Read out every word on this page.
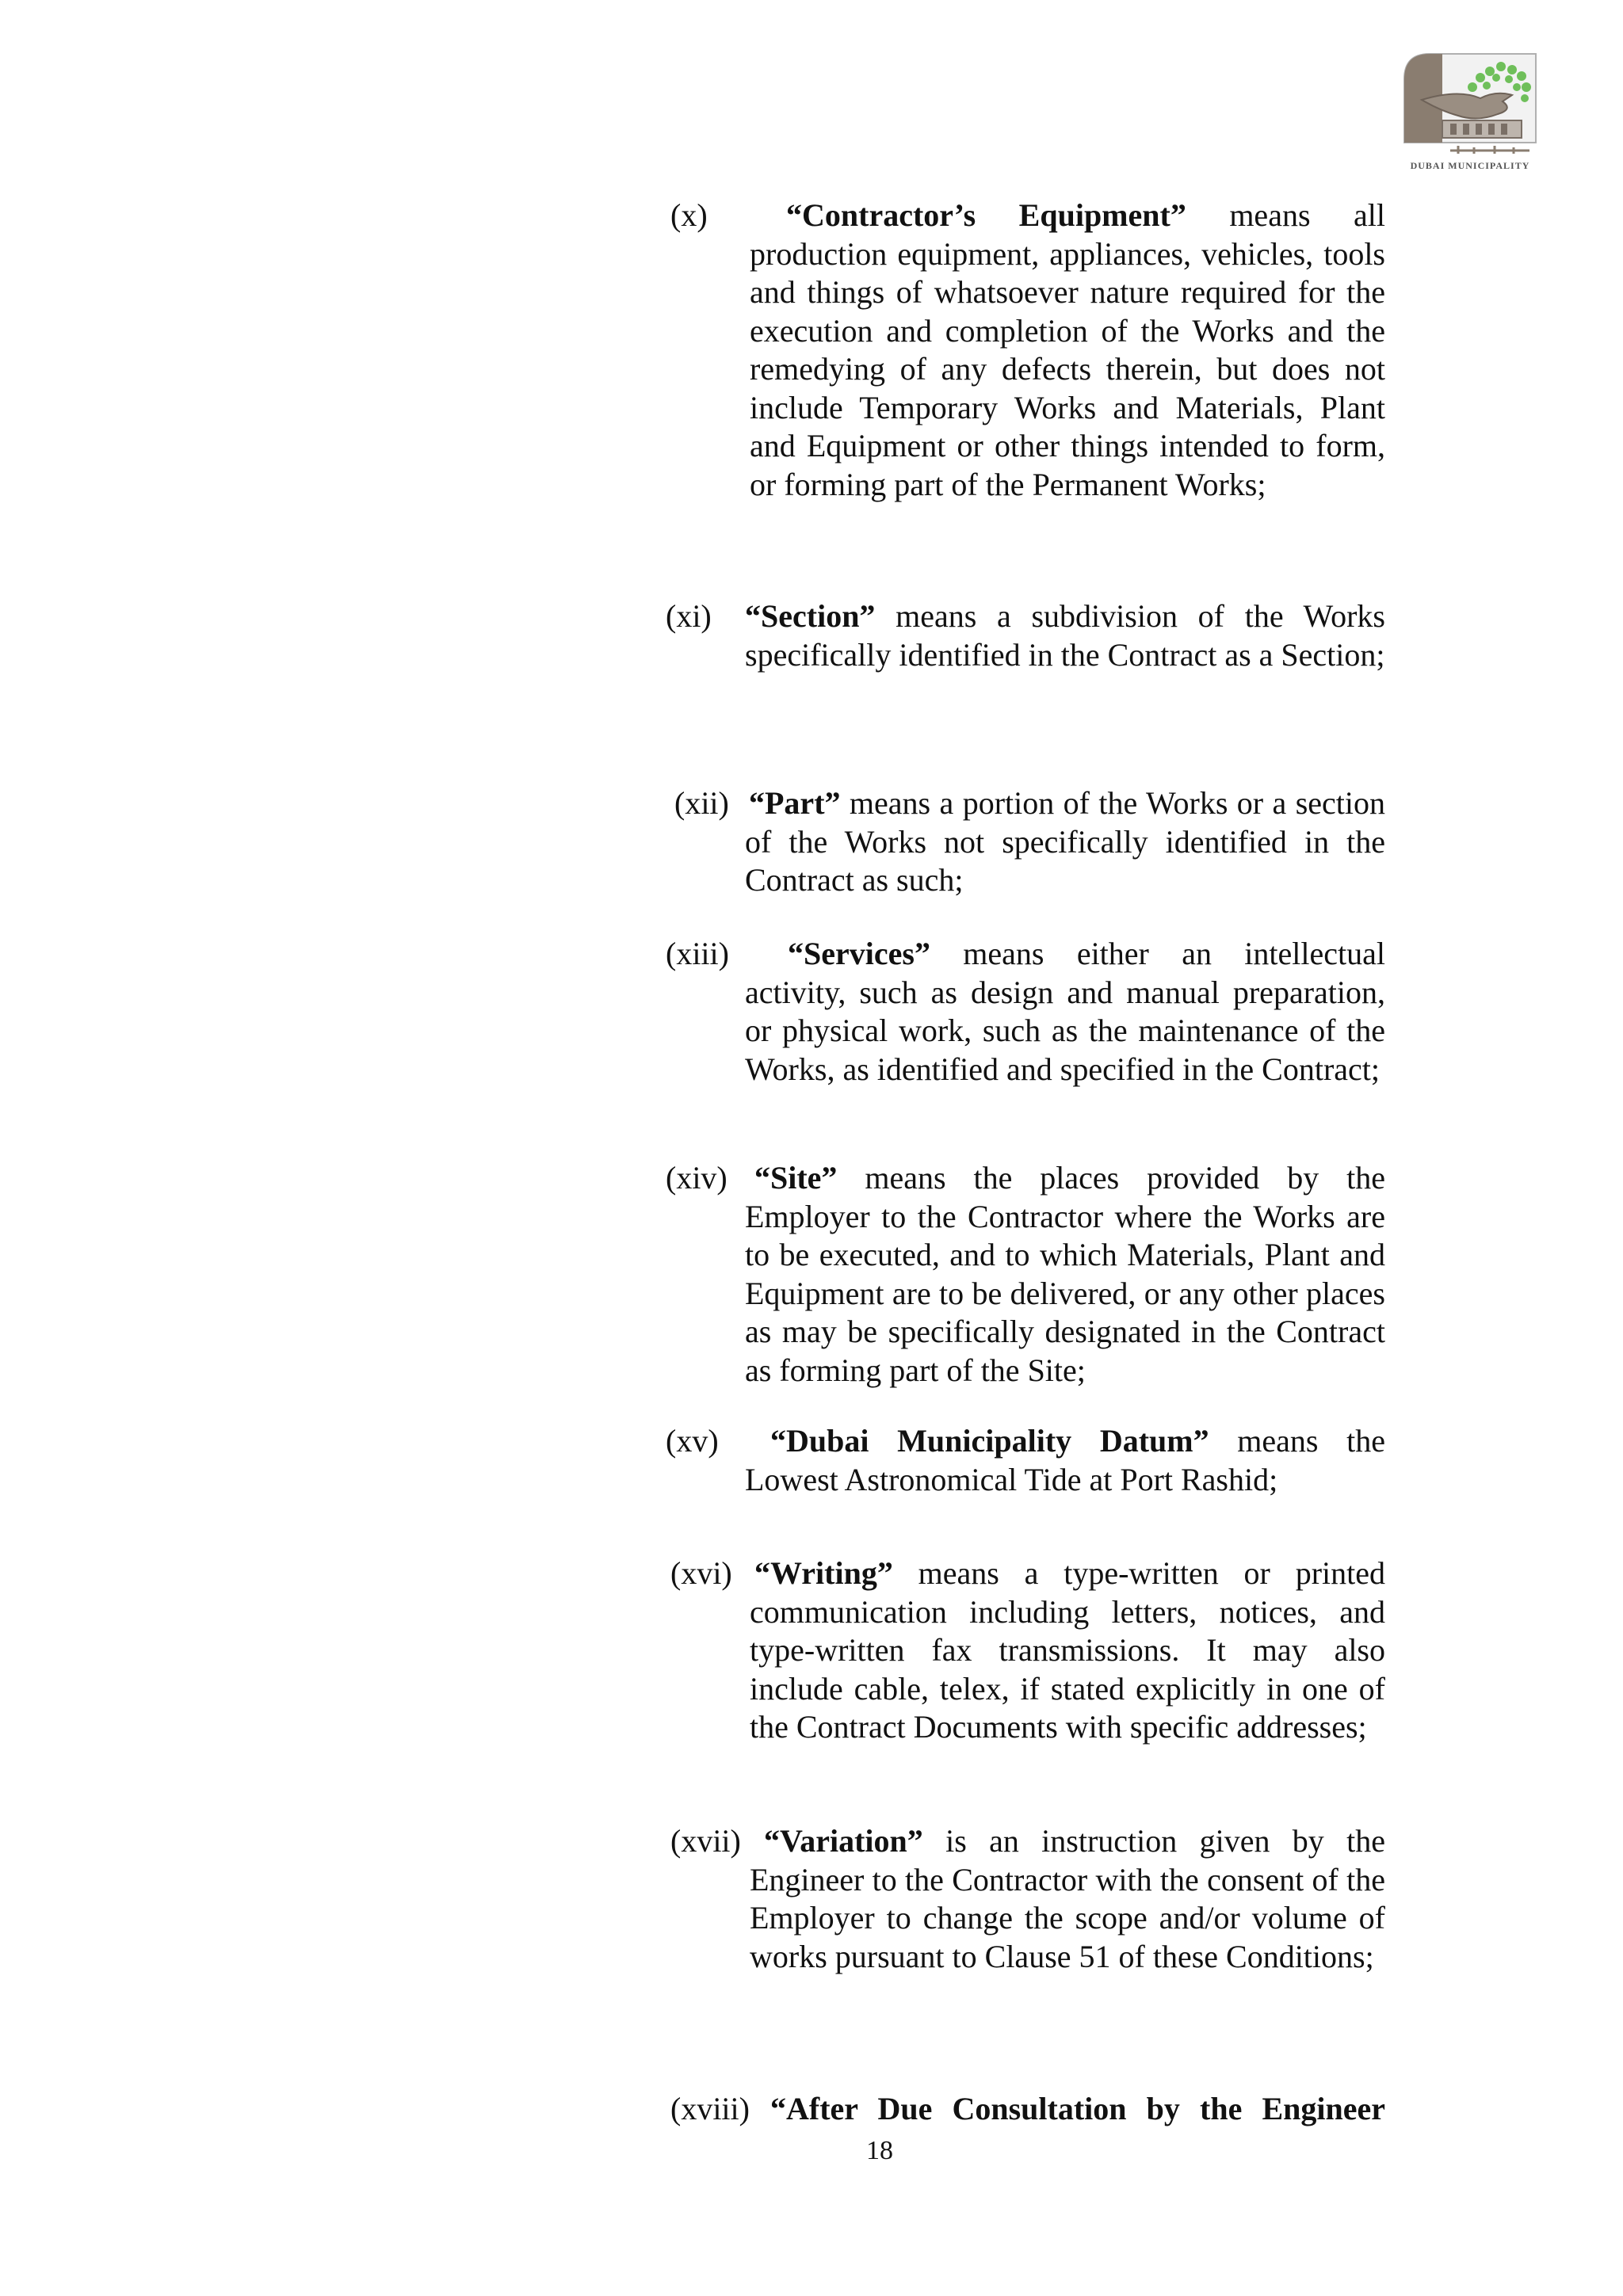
DUBAI MUNICIPALITY
(x)	“Contractor’s Equipment” means all production equipment, appliances, vehicles, tools and things of whatsoever nature required for the execution and completion of the Works and the remedying of any defects therein, but does not include Temporary Works and Materials, Plant and Equipment or other things intended to form, or forming part of the Permanent Works;
(xi) “Section” means a subdivision of the Works specifically identified in the Contract as a Section;
(xii) “Part” means a portion of the Works or a section of the Works not specifically identified in the Contract as such;
(xiii)	“Services” means either an intellectual activity, such as design and manual preparation, or physical work, such as the maintenance of the Works, as identified and specified in the Contract;
(xiv) “Site” means the places provided by the Employer to the Contractor where the Works are to be executed, and to which Materials, Plant and Equipment are to be delivered, or any other places as may be specifically designated in the Contract as forming part of the Site;
(xv)	“Dubai Municipality Datum” means the Lowest Astronomical Tide at Port Rashid;
(xvi) “Writing” means a type-written or printed communication including letters, notices, and type-written fax transmissions. It may also include cable, telex, if stated explicitly in one of the Contract Documents with specific addresses;
(xvii) “Variation” is an instruction given by the Engineer to the Contractor with the consent of the Employer to change the scope and/or volume of works pursuant to Clause 51 of these Conditions;
(xviii) “After Due Consultation by the Engineer
18
